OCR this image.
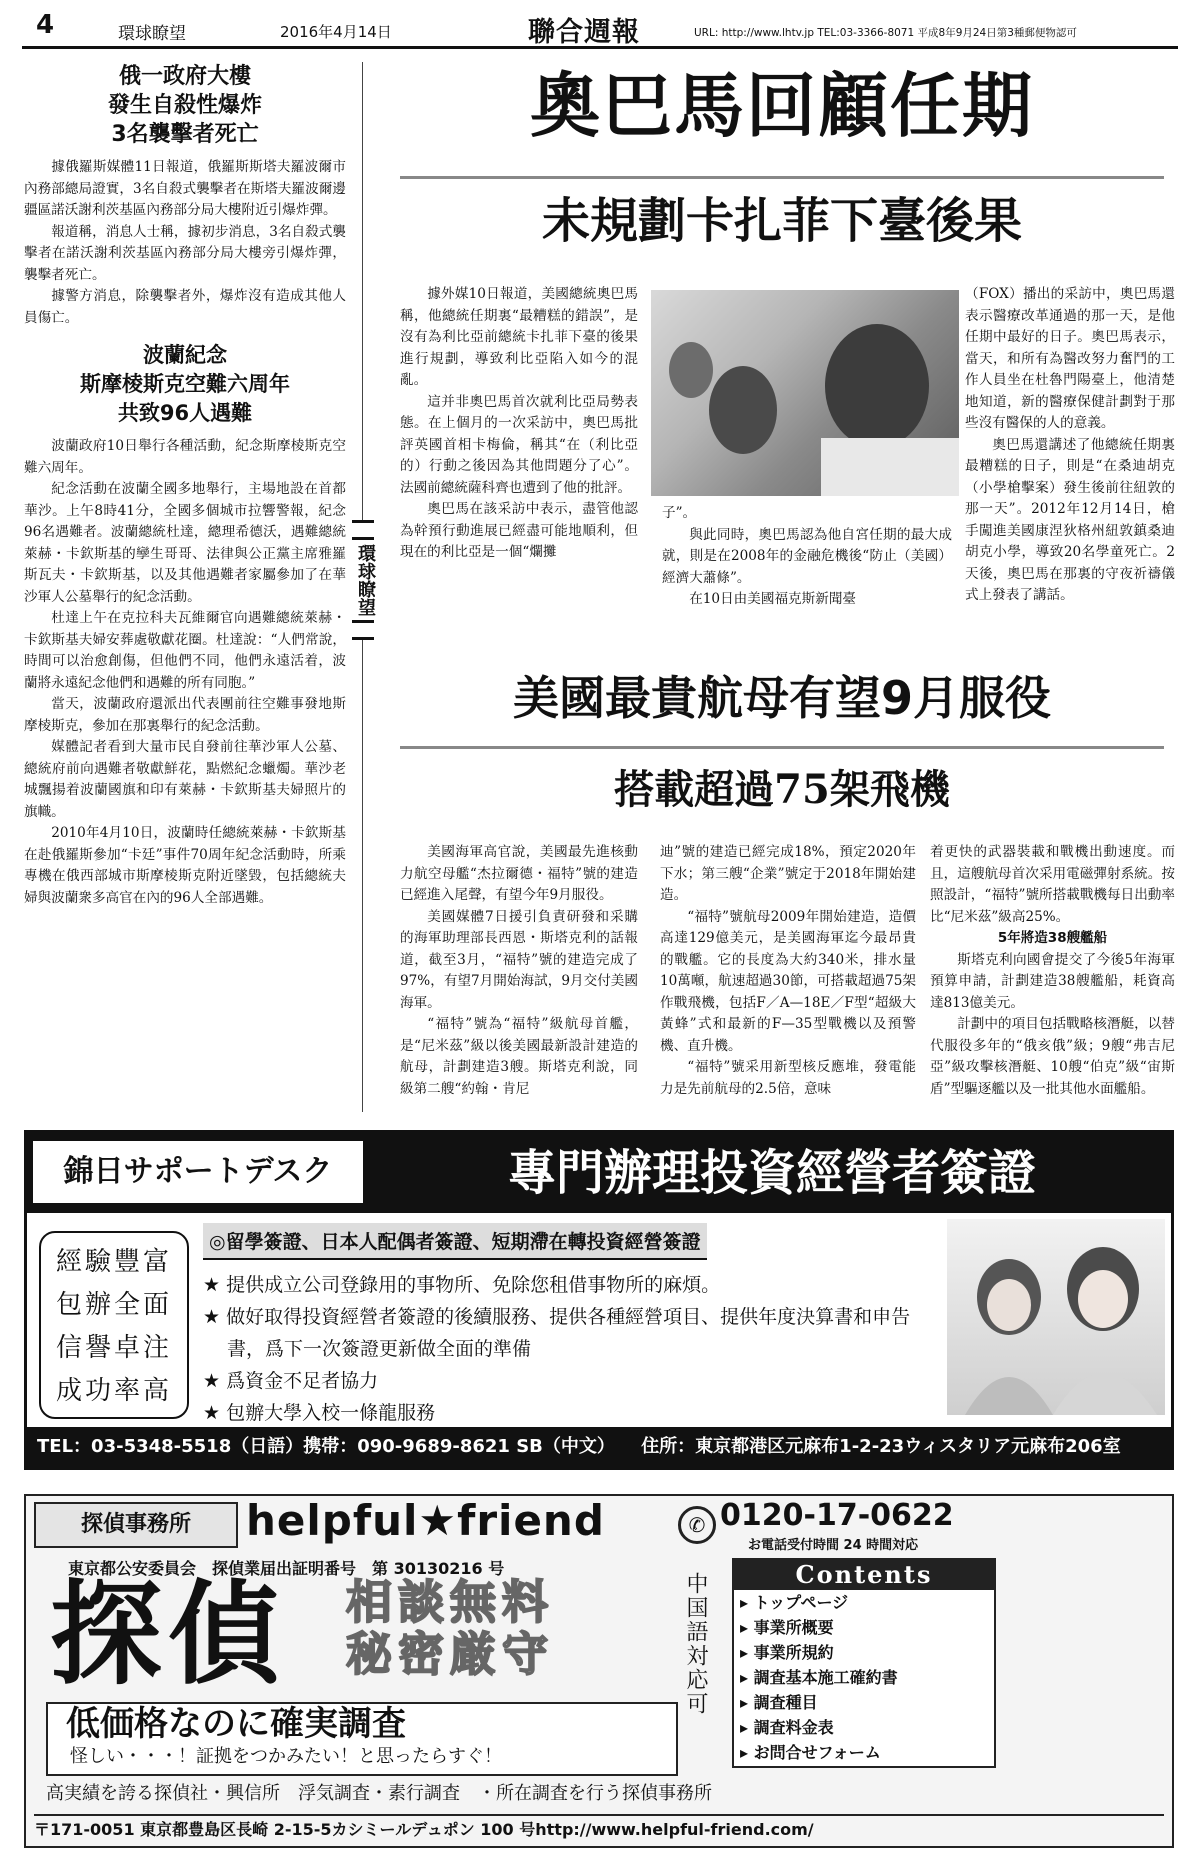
4	環球瞭望	2016年4月14日	聯合週報	URL: http://www.lhtv.jp TEL:03-3366-8071 平成8年9月24日第3種郵便物認可
俄一政府大樓
發生自殺性爆炸
3名襲擊者死亡

據俄羅斯媒體11日報道，俄羅斯斯塔夫羅波爾市內務部總局證實，3名自殺式襲擊者在斯塔夫羅波爾邊疆區諾沃謝利茨基區內務部分局大樓附近引爆炸彈。

報道稱，消息人士稱，據初步消息，3名自殺式襲擊者在諾沃謝利茨基區內務部分局大樓旁引爆炸彈，襲擊者死亡。

據警方消息，除襲擊者外，爆炸沒有造成其他人員傷亡。

波蘭紀念
斯摩棱斯克空難六周年
共致96人遇難

波蘭政府10日舉行各種活動，紀念斯摩棱斯克空難六周年。

紀念活動在波蘭全國多地舉行，主場地設在首都華沙。上午8時41分，全國多個城市拉響警報，紀念96名遇難者。波蘭總統杜達，總理希德沃，遇難總統萊赫・卡欽斯基的孿生哥哥、法律與公正黨主席雅羅斯瓦夫・卡欽斯基，以及其他遇難者家屬參加了在華沙軍人公墓舉行的紀念活動。

杜達上午在克拉科夫瓦維爾官向遇難總統萊赫・卡欽斯基夫婦安葬處敬獻花圈。杜達說：“人們常說，時間可以治愈創傷，但他們不同，他們永遠活着，波蘭將永遠紀念他們和遇難的所有同胞。”

當天，波蘭政府還派出代表團前往空難事發地斯摩棱斯克，參加在那裏舉行的紀念活動。

媒體記者看到大量市民自發前往華沙軍人公墓、總統府前向遇難者敬獻鮮花，點燃紀念蠟燭。華沙老城飄揚着波蘭國旗和印有萊赫・卡欽斯基夫婦照片的旗幟。

2010年4月10日，波蘭時任總統萊赫・卡欽斯基在赴俄羅斯參加“卡廷”事件70周年紀念活動時，所乘專機在俄西部城市斯摩棱斯克附近墜毀，包括總統夫婦與波蘭衆多高官在內的96人全部遇難。

環球瞭望
奧巴馬回顧任期
未規劃卡扎菲下臺後果

據外媒10日報道，美國總統奧巴馬稱，他總統任期裏“最糟糕的錯誤”，是沒有為利比亞前總統卡扎菲下臺的後果進行規劃，導致利比亞陷入如今的混亂。

這并非奧巴馬首次就利比亞局勢表態。在上個月的一次采訪中，奧巴馬批評英國首相卡梅倫，稱其“在（利比亞的）行動之後因為其他問題分了心”。法國前總統薩科齊也遭到了他的批評。

奧巴馬在該采訪中表示，盡管他認為幹預行動進展已經盡可能地順利，但現在的利比亞是一個“爛攤

子”。

與此同時，奧巴馬認為他自宮任期的最大成就，則是在2008年的金融危機後“防止（美國）經濟大蕭條”。

在10日由美國福克斯新聞臺

（FOX）播出的采訪中，奧巴馬還表示醫療改革通過的那一天，是他任期中最好的日子。奧巴馬表示，當天，和所有為醫改努力奮鬥的工作人員坐在杜魯門陽臺上，他清楚地知道，新的醫療保健計劃對于那些沒有醫保的人的意義。

奧巴馬還講述了他總統任期裏最糟糕的日子，則是“在桑迪胡克（小學槍擊案）發生後前往紐敦的那一天”。2012年12月14日，槍手闖進美國康涅狄格州紐敦鎮桑迪胡克小學，導致20名學童死亡。2天後，奧巴馬在那裏的守夜祈禱儀式上發表了講話。

美國最貴航母有望9月服役
搭載超過75架飛機

美國海軍高官說，美國最先進核動力航空母艦“杰拉爾德・福特”號的建造已經進入尾聲，有望今年9月服役。

美國媒體7日援引負責研發和采購的海軍助理部長西恩・斯塔克利的話報道，截至3月，“福特”號的建造完成了97%，有望7月開始海試，9月交付美國海軍。

“福特”號為“福特”級航母首艦，是“尼米茲”級以後美國最新設計建造的航母，計劃建造3艘。斯塔克利說，同級第二艘“約翰・肯尼

迪”號的建造已經完成18%，預定2020年下水；第三艘“企業”號定于2018年開始建造。

“福特”號航母2009年開始建造，造價高達129億美元，是美國海軍迄今最昂貴的戰艦。它的長度為大約340米，排水量10萬噸，航速超過30節，可搭載超過75架作戰飛機，包括F／A—18E／F型“超級大黃蜂”式和最新的F—35型戰機以及預警機、直升機。

“福特”號采用新型核反應堆，發電能力是先前航母的2.5倍，意味

着更快的武器裝載和戰機出動速度。而且，這艘航母首次采用電磁彈射系統。按照設計，“福特”號所搭載戰機每日出動率比“尼米茲”級高25%。

5年將造38艘艦船

斯塔克利向國會提交了今後5年海軍預算申請，計劃建造38艘艦船，耗資高達813億美元。

計劃中的項目包括戰略核潛艇，以替代服役多年的“俄亥俄”級；9艘“弗吉尼亞”級攻擊核潛艇、10艘“伯克”級“宙斯盾”型驅逐艦以及一批其他水面艦船。

錦日サポートデスク	專門辦理投資經營者簽證
經驗豐富
包辦全面
信譽卓注
成功率高
◎留學簽證、日本人配偶者簽證、短期滯在轉投資經營簽證
★ 提供成立公司登錄用的事物所、免除您租借事物所的麻煩。
★ 做好取得投資經營者簽證的後續服務、提供各種經營項目、提供年度決算書和申告書，爲下一次簽證更新做全面的準備
★ 爲資金不足者協力
★ 包辦大學入校一條龍服務
TEL：03-5348-5518（日語）携帯：090-9689-8621 SB（中文） 住所：東京都港区元麻布1-2-23ウィスタリア元麻布206室
探偵事務所	helpful★friend	✆ 0120-17-0622
お電話受付時間 24 時間対応
東京都公安委員会　探偵業届出証明番号　第 30130216 号
探偵 相談無料
秘密厳守	中国語対応可	Contents
▸ トップページ
▸ 事業所概要
▸ 事業所規約
▸ 調査基本施工確約書
▸ 調査種目
▸ 調査料金表
▸ お問合せフォーム
低価格なのに確実調査
怪しい・・・！証拠をつかみたい！と思ったらすぐ！
高実績を誇る探偵社・興信所　浮気調査・素行調査　・所在調査を行う探偵事務所
〒171-0051 東京都豊島区長崎 2-15-5カシミールデュポン 100 号http://www.helpful-friend.com/
